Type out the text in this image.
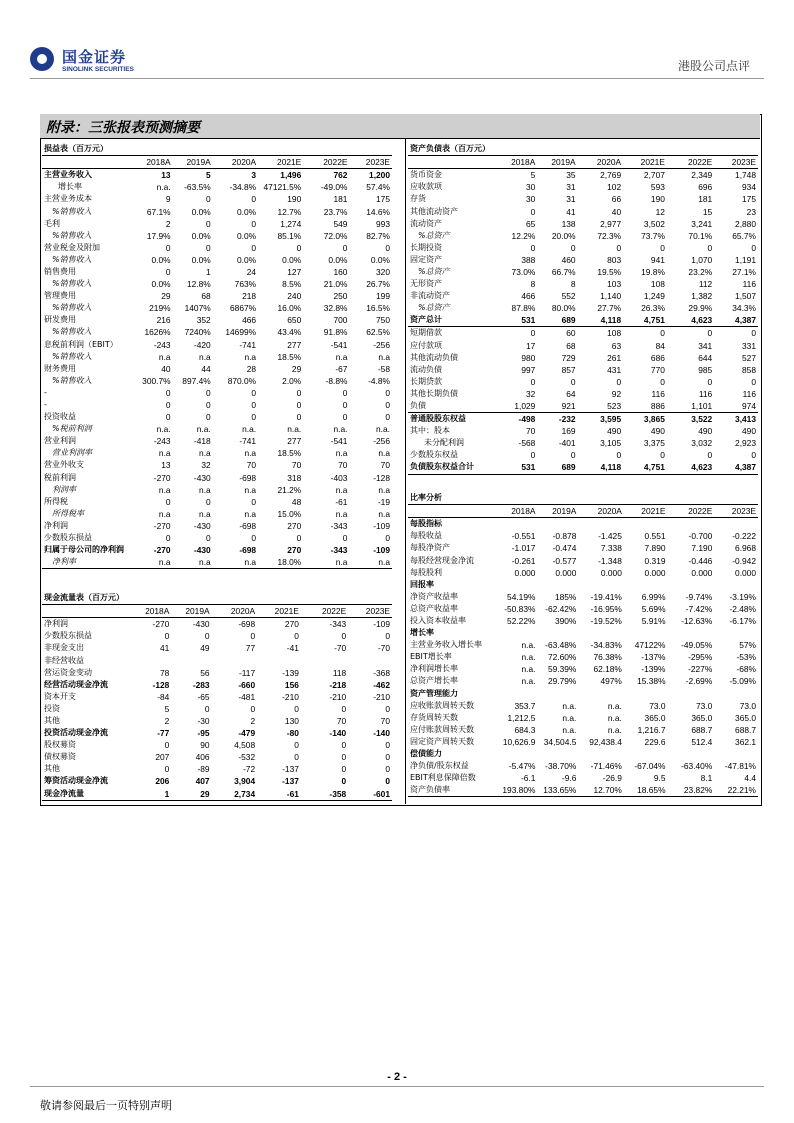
国金证券
SINOLINK SECURITIES	港股公司点评
附录：三张报表预测摘要
损益表（百万元）						
	2018A	2019A	2020A	2021E	2022E	2023E
主营业务收入	13	5	3	1,496	762	1,200
增长率	n.a.	-63.5%	-34.8%	47121.5%	-49.0%	57.4%
主营业务成本	9	0	0	190	181	175
%销售收入	67.1%	0.0%	0.0%	12.7%	23.7%	14.6%
毛利	2	0	0	1,274	549	993
%销售收入	17.9%	0.0%	0.0%	85.1%	72.0%	82.7%
营业税金及附加	0	0	0	0	0	0
%销售收入	0.0%	0.0%	0.0%	0.0%	0.0%	0.0%
销售费用	0	1	24	127	160	320
%销售收入	0.0%	12.8%	763%	8.5%	21.0%	26.7%
管理费用	29	68	218	240	250	199
%销售收入	219%	1407%	6867%	16.0%	32.8%	16.5%
研发费用	216	352	466	650	700	750
%销售收入	1626%	7240%	14699%	43.4%	91.8%	62.5%
息税前利润（EBIT）	-243	-420	-741	277	-541	-256
%销售收入	n.a	n.a	n.a	18.5%	n.a	n.a
财务费用	40	44	28	29	-67	-58
%销售收入	300.7%	897.4%	870.0%	2.0%	-8.8%	-4.8%
-	0	0	0	0	0	0
-	0	0	0	0	0	0
投资收益	0	0	0	0	0	0
%税前利润	n.a.	n.a.	n.a.	n.a.	n.a.	n.a.
营业利润	-243	-418	-741	277	-541	-256
营业利润率	n.a	n.a	n.a	18.5%	n.a	n.a
营业外收支	13	32	70	70	70	70
税前利润	-270	-430	-698	318	-403	-128
利润率	n.a	n.a	n.a	21.2%	n.a	n.a
所得税	0	0	0	48	-61	-19
所得税率	n.a	n.a	n.a	15.0%	n.a	n.a
净利润	-270	-430	-698	270	-343	-109
少数股东损益	0	0	0	0	0	0
归属于母公司的净利润	-270	-430	-698	270	-343	-109
净利率	n.a	n.a	n.a	18.0%	n.a	n.a
现金流量表（百万元）						
	2018A	2019A	2020A	2021E	2022E	2023E
净利润	-270	-430	-698	270	-343	-109
少数股东损益	0	0	0	0	0	0
非现金支出	41	49	77	-41	-70	-70
非经营收益						
营运资金变动	78	56	-117	-139	118	-368
经营活动现金净流	-128	-283	-660	156	-218	-462
资本开支	-84	-65	-481	-210	-210	-210
投资	5	0	0	0	0	0
其他	2	-30	2	130	70	70
投资活动现金净流	-77	-95	-479	-80	-140	-140
股权募资	0	90	4,508	0	0	0
债权募资	207	406	-532	0	0	0
其他	0	-89	-72	-137	0	0
筹资活动现金净流	206	407	3,904	-137	0	0
现金净流量	1	29	2,734	-61	-358	-601
资产负债表（百万元）						
	2018A	2019A	2020A	2021E	2022E	2023E
货币资金	5	35	2,769	2,707	2,349	1,748
应收款项	30	31	102	593	696	934
存货	30	31	66	190	181	175
其他流动资产	0	41	40	12	15	23
流动资产	65	138	2,977	3,502	3,241	2,880
%总资产	12.2%	20.0%	72.3%	73.7%	70.1%	65.7%
长期投资	0	0	0	0	0	0
固定资产	388	460	803	941	1,070	1,191
%总资产	73.0%	66.7%	19.5%	19.8%	23.2%	27.1%
无形资产	8	8	103	108	112	116
非流动资产	466	552	1,140	1,249	1,382	1,507
%总资产	87.8%	80.0%	27.7%	26.3%	29.9%	34.3%
资产总计	531	689	4,118	4,751	4,623	4,387
短期借款	0	60	108	0	0	0
应付款项	17	68	63	84	341	331
其他流动负债	980	729	261	686	644	527
流动负债	997	857	431	770	985	858
长期贷款	0	0	0	0	0	0
其他长期负债	32	64	92	116	116	116
负债	1,029	921	523	886	1,101	974
普通股股东权益	-498	-232	3,595	3,865	3,522	3,413
其中：股本	70	169	490	490	490	490
未分配利润	-568	-401	3,105	3,375	3,032	2,923
少数股东权益	0	0	0	0	0	0
负债股东权益合计	531	689	4,118	4,751	4,623	4,387
比率分析						
	2018A	2019A	2020A	2021E	2022E	2023E
每股指标						
每股收益	-0.551	-0.878	-1.425	0.551	-0.700	-0.222
每股净资产	-1.017	-0.474	7.338	7.890	7.190	6.968
每股经营现金净流	-0.261	-0.577	-1.348	0.319	-0.446	-0.942
每股股利	0.000	0.000	0.000	0.000	0.000	0.000
回报率						
净资产收益率	54.19%	185%	-19.41%	6.99%	-9.74%	-3.19%
总资产收益率	-50.83%	-62.42%	-16.95%	5.69%	-7.42%	-2.48%
投入资本收益率	52.22%	390%	-19.52%	5.91%	-12.63%	-6.17%
增长率						
主营业务收入增长率	n.a.	-63.48%	-34.83%	47122%	-49.05%	57%
EBIT增长率	n.a.	72.60%	76.38%	-137%	-295%	-53%
净利润增长率	n.a.	59.39%	62.18%	-139%	-227%	-68%
总资产增长率	n.a.	29.79%	497%	15.38%	-2.69%	-5.09%
资产管理能力						
应收账款周转天数	353.7	n.a.	n.a.	73.0	73.0	73.0
存货周转天数	1,212.5	n.a.	n.a.	365.0	365.0	365.0
应付账款周转天数	684.3	n.a.	n.a.	1,216.7	688.7	688.7
固定资产周转天数	10,626.9	34,504.5	92,438.4	229.6	512.4	362.1
偿债能力						
净负债/股东权益	-5.47%	-38.70%	-71.46%	-67.04%	-63.40%	-47.81%
EBIT利息保障倍数	-6.1	-9.6	-26.9	9.5	8.1	4.4
资产负债率	193.80%	133.65%	12.70%	18.65%	23.82%	22.21%
- 2 -
敬请参阅最后一页特别声明
